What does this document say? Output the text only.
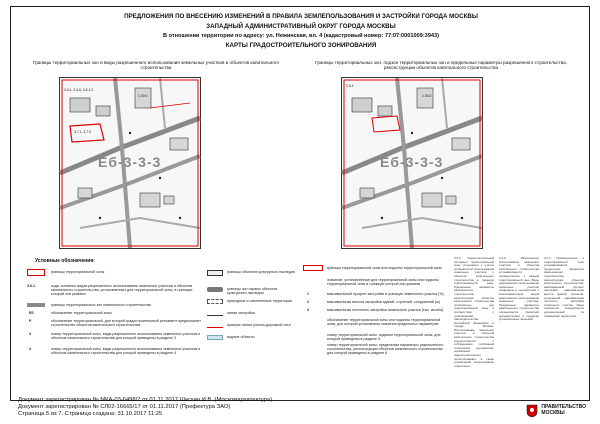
ПРЕДЛОЖЕНИЯ ПО ВНЕСЕНИЮ ИЗМЕНЕНИЙ В ПРАВИЛА ЗЕМЛЕПОЛЬЗОВАНИЯ И ЗАСТРОЙКИ ГОРОДА МОСКВЫ
ЗАПАДНЫЙ АДМИНИСТРАТИВНЫЙ ОКРУГ ГОРОДА МОСКВЫ
В отношении территории по адресу: ул. Нежинская, вл. 4 (кадастровый номер: 77:07:0001009:3943)
КАРТЫ ГРАДОСТРОИТЕЛЬНОГО ЗОНИРОВАНИЯ
Границы территориальных зон и виды разрешенного использования земельных участков и объектов капитального строительства
Границы территориальных зон, подзон территориальных зон и предельные параметры разрешенного строительства, реконструкции объектов капитального строительства
3.6.1, 3.4.6, 3.5.1.0
3.7.1, 3.7.0
1.00.0
Еб-3-3-3
2.6.1
1.00.0
Еб-3-3-3
Условные обозначения:
границы территориальной зоны
3.6.1	коды основных видов разрешенного использования земельных участков и объектов капитального строительства, установленных для территориальной зоны, в границах которой они указаны
границы территориальных зон капитального строительства
Еб	обозначение территориальной зоны
Р	обозначение территориальной, для которой градостроительный регламент предполагает строительство объектов капитального строительства
3	номер территориальной зоны, виды разрешенного использования земельных участков и объектов капитального строительства для которой приведены в разделе 3
4	номер территориальной зоны, виды разрешенного использования земельных участков и объектов капитального строительства для которой приведены в разделе 4
границы объектов культурного наследия
границы зон охраны объектов культурного наследия
природные и озелененные территории
линии застройки
красные линии улично-дорожной сети
водные объекты
границы территориальной зоны или подзоны территориальной зоны
значение, установленные для территориальной зоны или подзоны территориальной зоны в границах которой они указаны
1	максимальный процент застройки в границах земельного участка (%)
2	максимальная высота застройки зданий, строений, сооружений (м)
3	максимальная плотность застройки земельного участка (тыс. кв.м/га)
обозначение территориальной зоны или подзоны территориальной зоны, для которой установлены значения предельных параметров
номер территориальной зоны, подзоны территориальной зоны, для которой приведены в разделе 5
номер территориальной зоны, предельные параметры разрешенного строительства, реконструкции объектов капитального строительства для которой приведены в разделе 6
3.3.2. Градостроительный регламент территориальной зоны установлен с учетом особенностей использования земельных участков и объектов капитального строительства в границах территориальной зоны. Предельные параметры разрешенного строительства, реконструкции объектов капитального строительства установлены для территориальной зоны в соответствии с требованиями законодательства Российской Федерации и города Москвы. Использование земельных участков и объектов капитального строительства осуществляется с соблюдением требований технических регламентов, нормативов градостроительного проектирования, а также ограничений использования территории.
3.3.3. Разрешенное использование земельных участков и объектов капитального строительства устанавливается применительно к каждой территориальной зоне. Виды разрешенного использования земельных участков приведены в соответствии с классификатором видов разрешенного использования земельных участков. Предельные параметры разрешенного строительства определяются проектной документацией в пределах установленных значений.
3.3.4. Применительно к территориальной зоне устанавливаются предельные параметры разрешенного строительства, реконструкции объектов капитального строительства: максимальный процент застройки, максимальная высота зданий, строений, сооружений, максимальная плотность застройки земельного участка. Иные показатели определяются документацией по планировке территории.
Документ зарегистрирован № МКА-03-6498/7 от 01.11.2017 Шескин И.В. (Москомархитектура)
Документ зарегистрирован № СЛ02-16665/17 от 01.11.2017 (Префектура ЗАО)
Страница 5 из 7. Страница создана: 31.10.2017 11:25
ПРАВИТЕЛЬСТВО
МОСКВЫ
